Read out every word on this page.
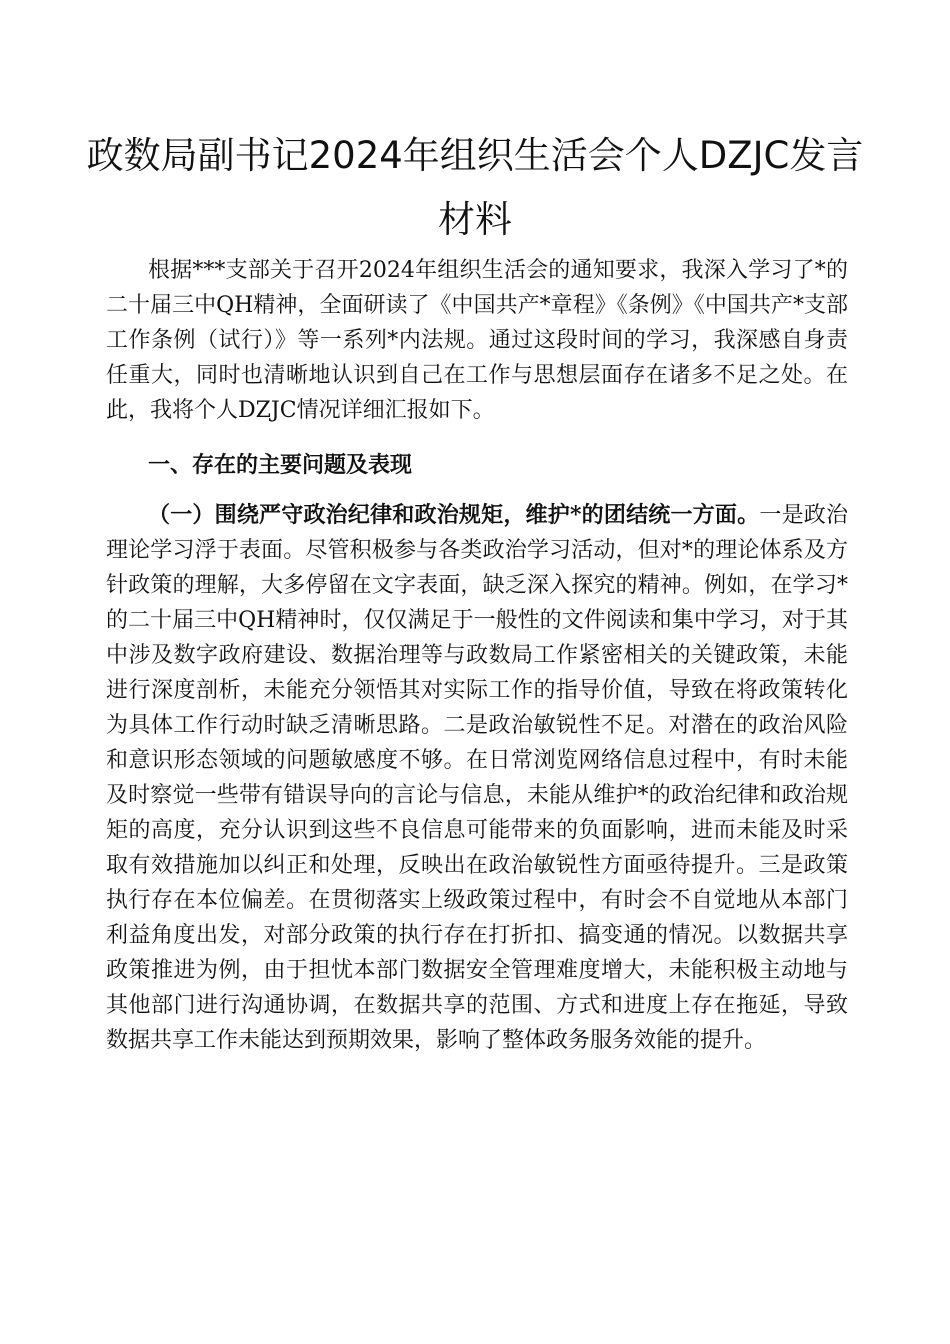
政数局副书记2024年组织生活会个人DZJC发言
材料

根据***支部关于召开2024年组织生活会的通知要求，我深入学习了*的二十届三中QH精神，全面研读了《中国共产*章程》《条例》《中国共产*支部工作条例（试行）》等一系列*内法规。通过这段时间的学习，我深感自身责任重大，同时也清晰地认识到自己在工作与思想层面存在诸多不足之处。在此，我将个人DZJC情况详细汇报如下。

一、存在的主要问题及表现

（一）围绕严守政治纪律和政治规矩，维护*的团结统一方面。一是政治理论学习浮于表面。尽管积极参与各类政治学习活动，但对*的理论体系及方针政策的理解，大多停留在文字表面，缺乏深入探究的精神。例如，在学习*的二十届三中QH精神时，仅仅满足于一般性的文件阅读和集中学习，对于其中涉及数字政府建设、数据治理等与政数局工作紧密相关的关键政策，未能进行深度剖析，未能充分领悟其对实际工作的指导价值，导致在将政策转化为具体工作行动时缺乏清晰思路。二是政治敏锐性不足。对潜在的政治风险和意识形态领域的问题敏感度不够。在日常浏览网络信息过程中，有时未能及时察觉一些带有错误导向的言论与信息，未能从维护*的政治纪律和政治规矩的高度，充分认识到这些不良信息可能带来的负面影响，进而未能及时采取有效措施加以纠正和处理，反映出在政治敏锐性方面亟待提升。三是政策执行存在本位偏差。在贯彻落实上级政策过程中，有时会不自觉地从本部门利益角度出发，对部分政策的执行存在打折扣、搞变通的情况。以数据共享政策推进为例，由于担忧本部门数据安全管理难度增大，未能积极主动地与其他部门进行沟通协调，在数据共享的范围、方式和进度上存在拖延，导致数据共享工作未能达到预期效果，影响了整体政务服务效能的提升。
